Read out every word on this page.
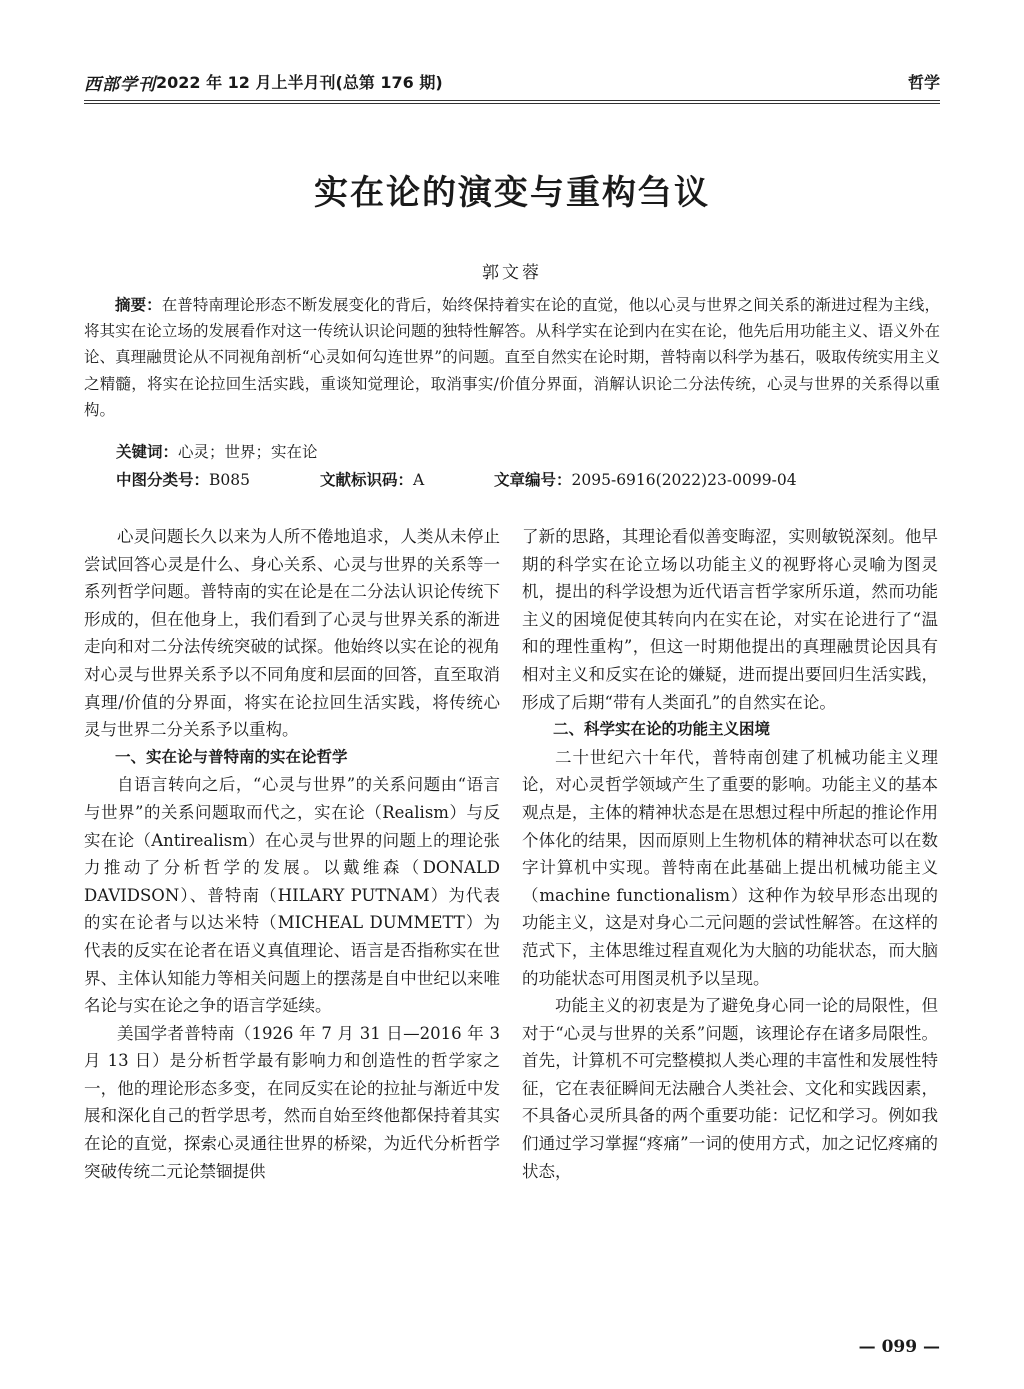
西部学刊 2022 年 12 月上半月刊(总第 176 期)	哲学
实在论的演变与重构刍议
郭文蓉
摘要：在普特南理论形态不断发展变化的背后，始终保持着实在论的直觉，他以心灵与世界之间关系的渐进过程为主线，将其实在论立场的发展看作对这一传统认识论问题的独特性解答。从科学实在论到内在实在论，他先后用功能主义、语义外在论、真理融贯论从不同视角剖析“心灵如何勾连世界”的问题。直至自然实在论时期，普特南以科学为基石，吸取传统实用主义之精髓，将实在论拉回生活实践，重谈知觉理论，取消事实/价值分界面，消解认识论二分法传统，心灵与世界的关系得以重构。
关键词：心灵；世界；实在论
中图分类号：B085	文献标识码：A	文章编号：2095-6916(2022)23-0099-04

心灵问题长久以来为人所不倦地追求，人类从未停止尝试回答心灵是什么、身心关系、心灵与世界的关系等一系列哲学问题。普特南的实在论是在二分法认识论传统下形成的，但在他身上，我们看到了心灵与世界关系的渐进走向和对二分法传统突破的试探。他始终以实在论的视角对心灵与世界关系予以不同角度和层面的回答，直至取消真理/价值的分界面，将实在论拉回生活实践，将传统心灵与世界二分关系予以重构。

一、实在论与普特南的实在论哲学

自语言转向之后，“心灵与世界”的关系问题由“语言与世界”的关系问题取而代之，实在论（Realism）与反实在论（Antirealism）在心灵与世界的问题上的理论张力推动了分析哲学的发展。以戴维森（DONALD DAVIDSON）、普特南（HILARY PUTNAM）为代表的实在论者与以达米特（MICHEAL DUMMETT）为代表的反实在论者在语义真值理论、语言是否指称实在世界、主体认知能力等相关问题上的摆荡是自中世纪以来唯名论与实在论之争的语言学延续。

美国学者普特南（1926 年 7 月 31 日—2016 年 3 月 13 日）是分析哲学最有影响力和创造性的哲学家之一，他的理论形态多变，在同反实在论的拉扯与渐近中发展和深化自己的哲学思考，然而自始至终他都保持着其实在论的直觉，探索心灵通往世界的桥梁，为近代分析哲学突破传统二元论禁锢提供

了新的思路，其理论看似善变晦涩，实则敏锐深刻。他早期的科学实在论立场以功能主义的视野将心灵喻为图灵机，提出的科学设想为近代语言哲学家所乐道，然而功能主义的困境促使其转向内在实在论，对实在论进行了“温和的理性重构”，但这一时期他提出的真理融贯论因具有相对主义和反实在论的嫌疑，进而提出要回归生活实践，形成了后期“带有人类面孔”的自然实在论。

二、科学实在论的功能主义困境

二十世纪六十年代，普特南创建了机械功能主义理论，对心灵哲学领域产生了重要的影响。功能主义的基本观点是，主体的精神状态是在思想过程中所起的推论作用个体化的结果，因而原则上生物机体的精神状态可以在数字计算机中实现。普特南在此基础上提出机械功能主义（machine functionalism）这种作为较早形态出现的功能主义，这是对身心二元问题的尝试性解答。在这样的范式下，主体思维过程直观化为大脑的功能状态，而大脑的功能状态可用图灵机予以呈现。

功能主义的初衷是为了避免身心同一论的局限性，但对于“心灵与世界的关系”问题，该理论存在诸多局限性。首先，计算机不可完整模拟人类心理的丰富性和发展性特征，它在表征瞬间无法融合人类社会、文化和实践因素，不具备心灵所具备的两个重要功能：记忆和学习。例如我们通过学习掌握“疼痛”一词的使用方式，加之记忆疼痛的状态，

— 099 —
